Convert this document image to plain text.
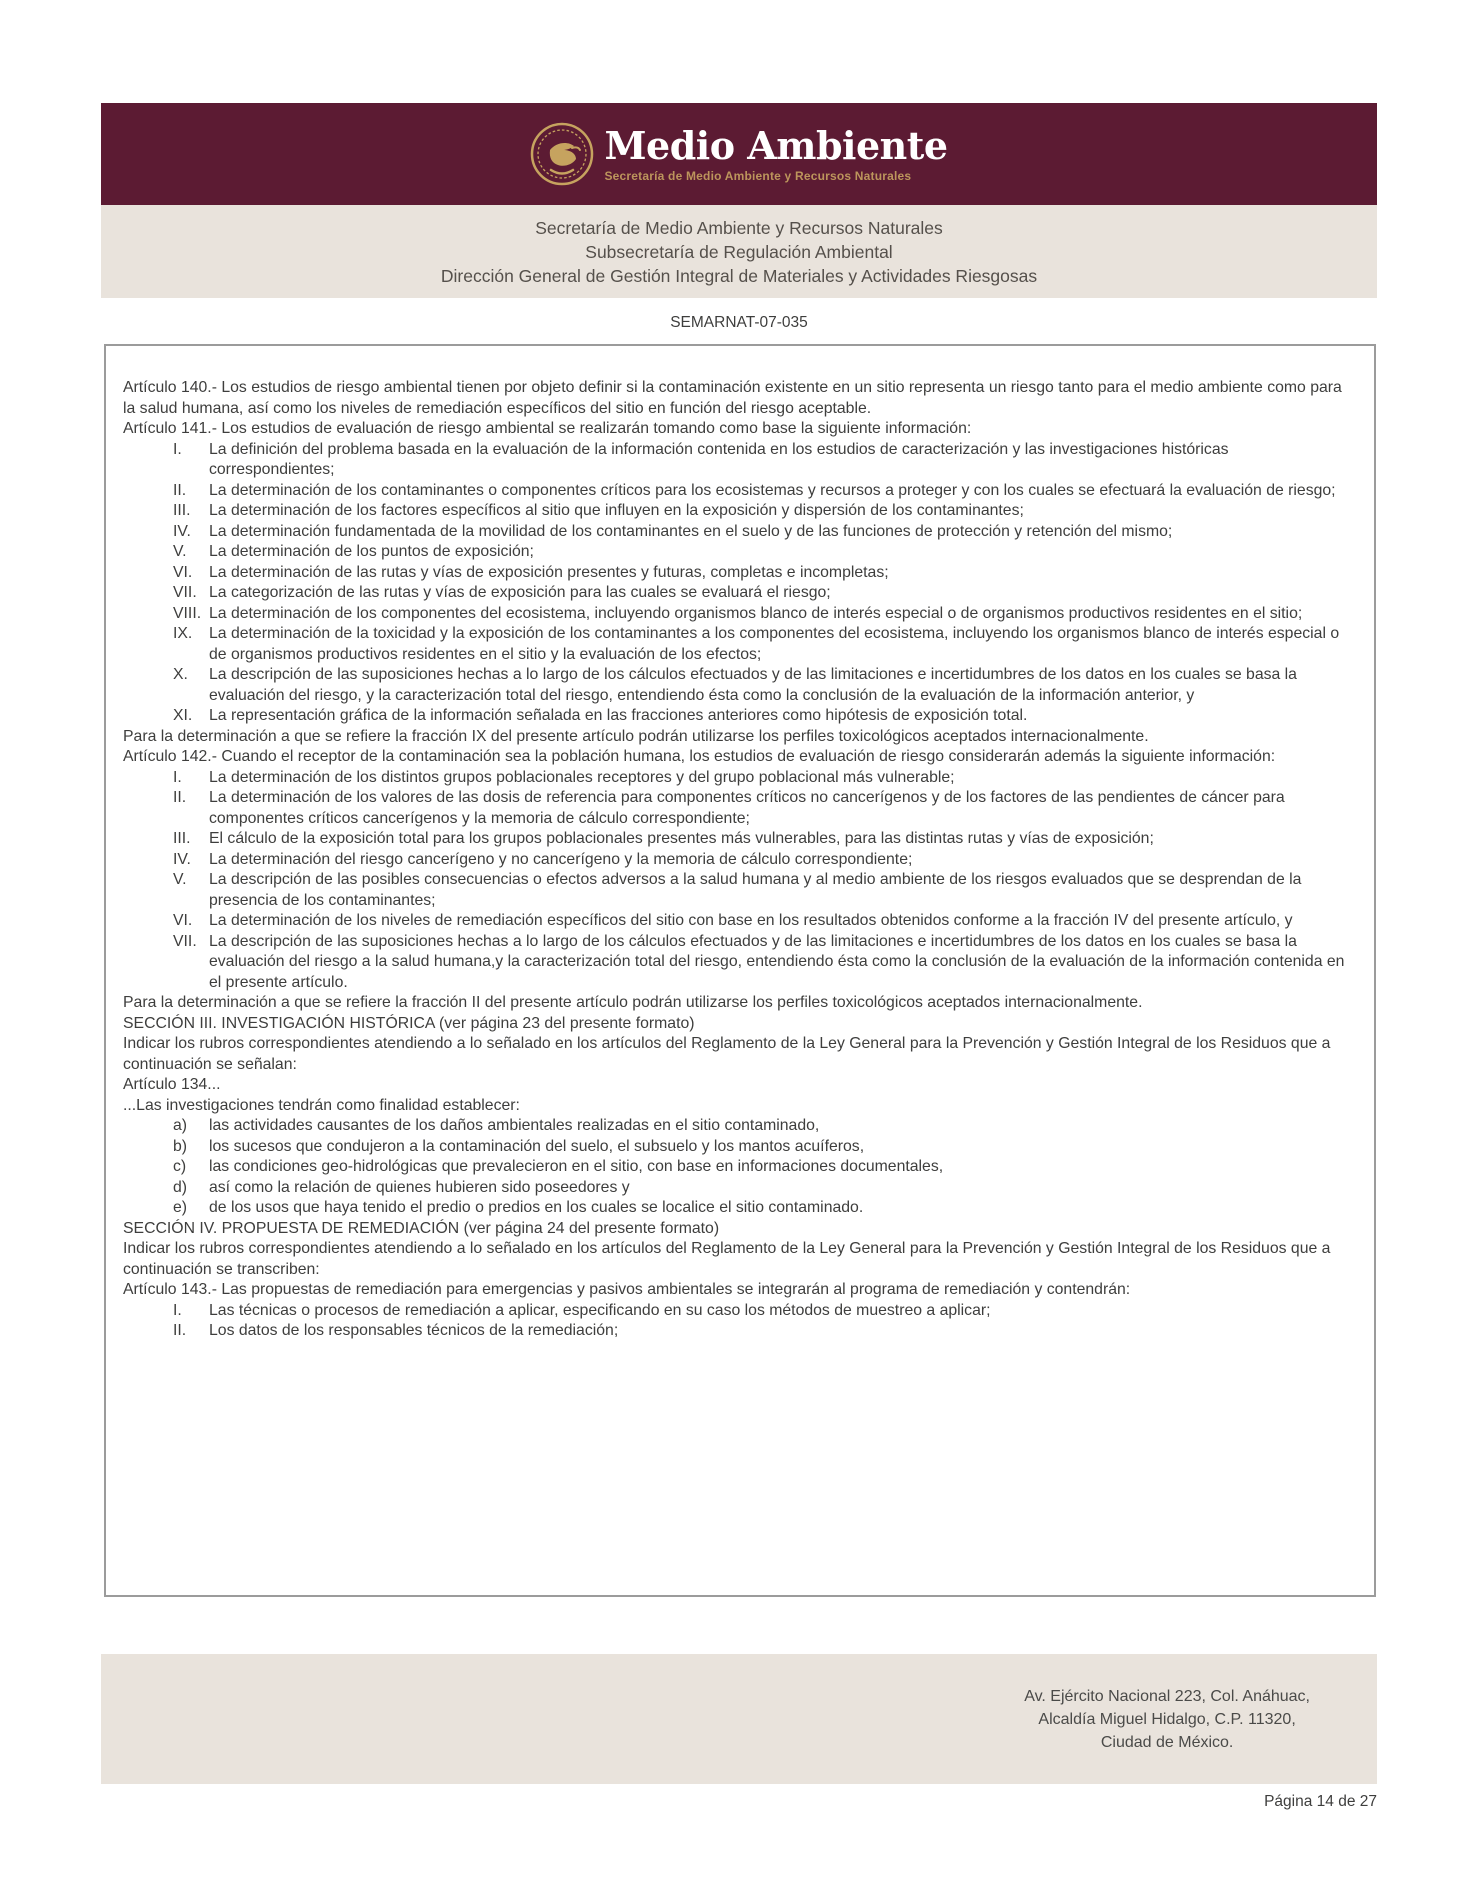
Medio Ambiente
Secretaría de Medio Ambiente y Recursos Naturales
Secretaría de Medio Ambiente y Recursos Naturales
Subsecretaría de Regulación Ambiental
Dirección General de Gestión Integral de Materiales y Actividades Riesgosas
SEMARNAT-07-035

Artículo 140.- Los estudios de riesgo ambiental tienen por objeto definir si la contaminación existente en un sitio representa un riesgo tanto para el medio ambiente como para la salud humana, así como los niveles de remediación específicos del sitio en función del riesgo aceptable.

Artículo 141.- Los estudios de evaluación de riesgo ambiental se realizarán tomando como base la siguiente información:

I.	La definición del problema basada en la evaluación de la información contenida en los estudios de caracterización y las investigaciones históricas correspondientes;
II.	La determinación de los contaminantes o componentes críticos para los ecosistemas y recursos a proteger y con los cuales se efectuará la evaluación de riesgo;
III.	La determinación de los factores específicos al sitio que influyen en la exposición y dispersión de los contaminantes;
IV.	La determinación fundamentada de la movilidad de los contaminantes en el suelo y de las funciones de protección y retención del mismo;
V.	La determinación de los puntos de exposición;
VI.	La determinación de las rutas y vías de exposición presentes y futuras, completas e incompletas;
VII. La categorización de las rutas y vías de exposición para las cuales se evaluará el riesgo;
VIII. La determinación de los componentes del ecosistema, incluyendo organismos blanco de interés especial o de organismos productivos residentes en el sitio;
IX.	La determinación de la toxicidad y la exposición de los contaminantes a los componentes del ecosistema, incluyendo los organismos blanco de interés especial o de organismos productivos residentes en el sitio y la evaluación de los efectos;
X.	La descripción de las suposiciones hechas a lo largo de los cálculos efectuados y de las limitaciones e incertidumbres de los datos en los cuales se basa la evaluación del riesgo, y la caracterización total del riesgo, entendiendo ésta como la conclusión de la evaluación de la información anterior, y
XI.	La representación gráfica de la información señalada en las fracciones anteriores como hipótesis de exposición total.

Para la determinación a que se refiere la fracción IX del presente artículo podrán utilizarse los perfiles toxicológicos aceptados internacionalmente.

Artículo 142.- Cuando el receptor de la contaminación sea la población humana, los estudios de evaluación de riesgo considerarán además la siguiente información:

I.	La determinación de los distintos grupos poblacionales receptores y del grupo poblacional más vulnerable;
II.	La determinación de los valores de las dosis de referencia para componentes críticos no cancerígenos y de los factores de las pendientes de cáncer para componentes críticos cancerígenos y la memoria de cálculo correspondiente;
III.	El cálculo de la exposición total para los grupos poblacionales presentes más vulnerables, para las distintas rutas y vías de exposición;
IV.	La determinación del riesgo cancerígeno y no cancerígeno y la memoria de cálculo correspondiente;
V.	La descripción de las posibles consecuencias o efectos adversos a la salud humana y al medio ambiente de los riesgos evaluados que se desprendan de la presencia de los contaminantes;
VI.	La determinación de los niveles de remediación específicos del sitio con base en los resultados obtenidos conforme a la fracción IV del presente artículo, y
VII. La descripción de las suposiciones hechas a lo largo de los cálculos efectuados y de las limitaciones e incertidumbres de los datos en los cuales se basa la evaluación del riesgo a la salud humana,y la caracterización total del riesgo, entendiendo ésta como la conclusión de la evaluación de la información contenida en el presente artículo.

Para la determinación a que se refiere la fracción II del presente artículo podrán utilizarse los perfiles toxicológicos aceptados internacionalmente.

SECCIÓN III. INVESTIGACIÓN HISTÓRICA (ver página 23 del presente formato)

Indicar los rubros correspondientes atendiendo a lo señalado en los artículos del Reglamento de la Ley General para la Prevención y Gestión Integral de los Residuos que a continuación se señalan:

Artículo 134...

...Las investigaciones tendrán como finalidad establecer:

a)	las actividades causantes de los daños ambientales realizadas en el sitio contaminado,
b)	los sucesos que condujeron a la contaminación del suelo, el subsuelo y los mantos acuíferos,
c)	las condiciones geo-hidrológicas que prevalecieron en el sitio, con base en informaciones documentales,
d)	así como la relación de quienes hubieren sido poseedores y
e)	de los usos que haya tenido el predio o predios en los cuales se localice el sitio contaminado.

SECCIÓN IV. PROPUESTA DE REMEDIACIÓN (ver página 24 del presente formato)

Indicar los rubros correspondientes atendiendo a lo señalado en los artículos del Reglamento de la Ley General para la Prevención y Gestión Integral de los Residuos que a continuación se transcriben:

Artículo 143.- Las propuestas de remediación para emergencias y pasivos ambientales se integrarán al programa de remediación y contendrán:

I.	Las técnicas o procesos de remediación a aplicar, especificando en su caso los métodos de muestreo a aplicar;
II.	Los datos de los responsables técnicos de la remediación;
Av. Ejército Nacional 223, Col. Anáhuac,
Alcaldía Miguel Hidalgo, C.P. 11320,
Ciudad de México.
Página 14 de 27
